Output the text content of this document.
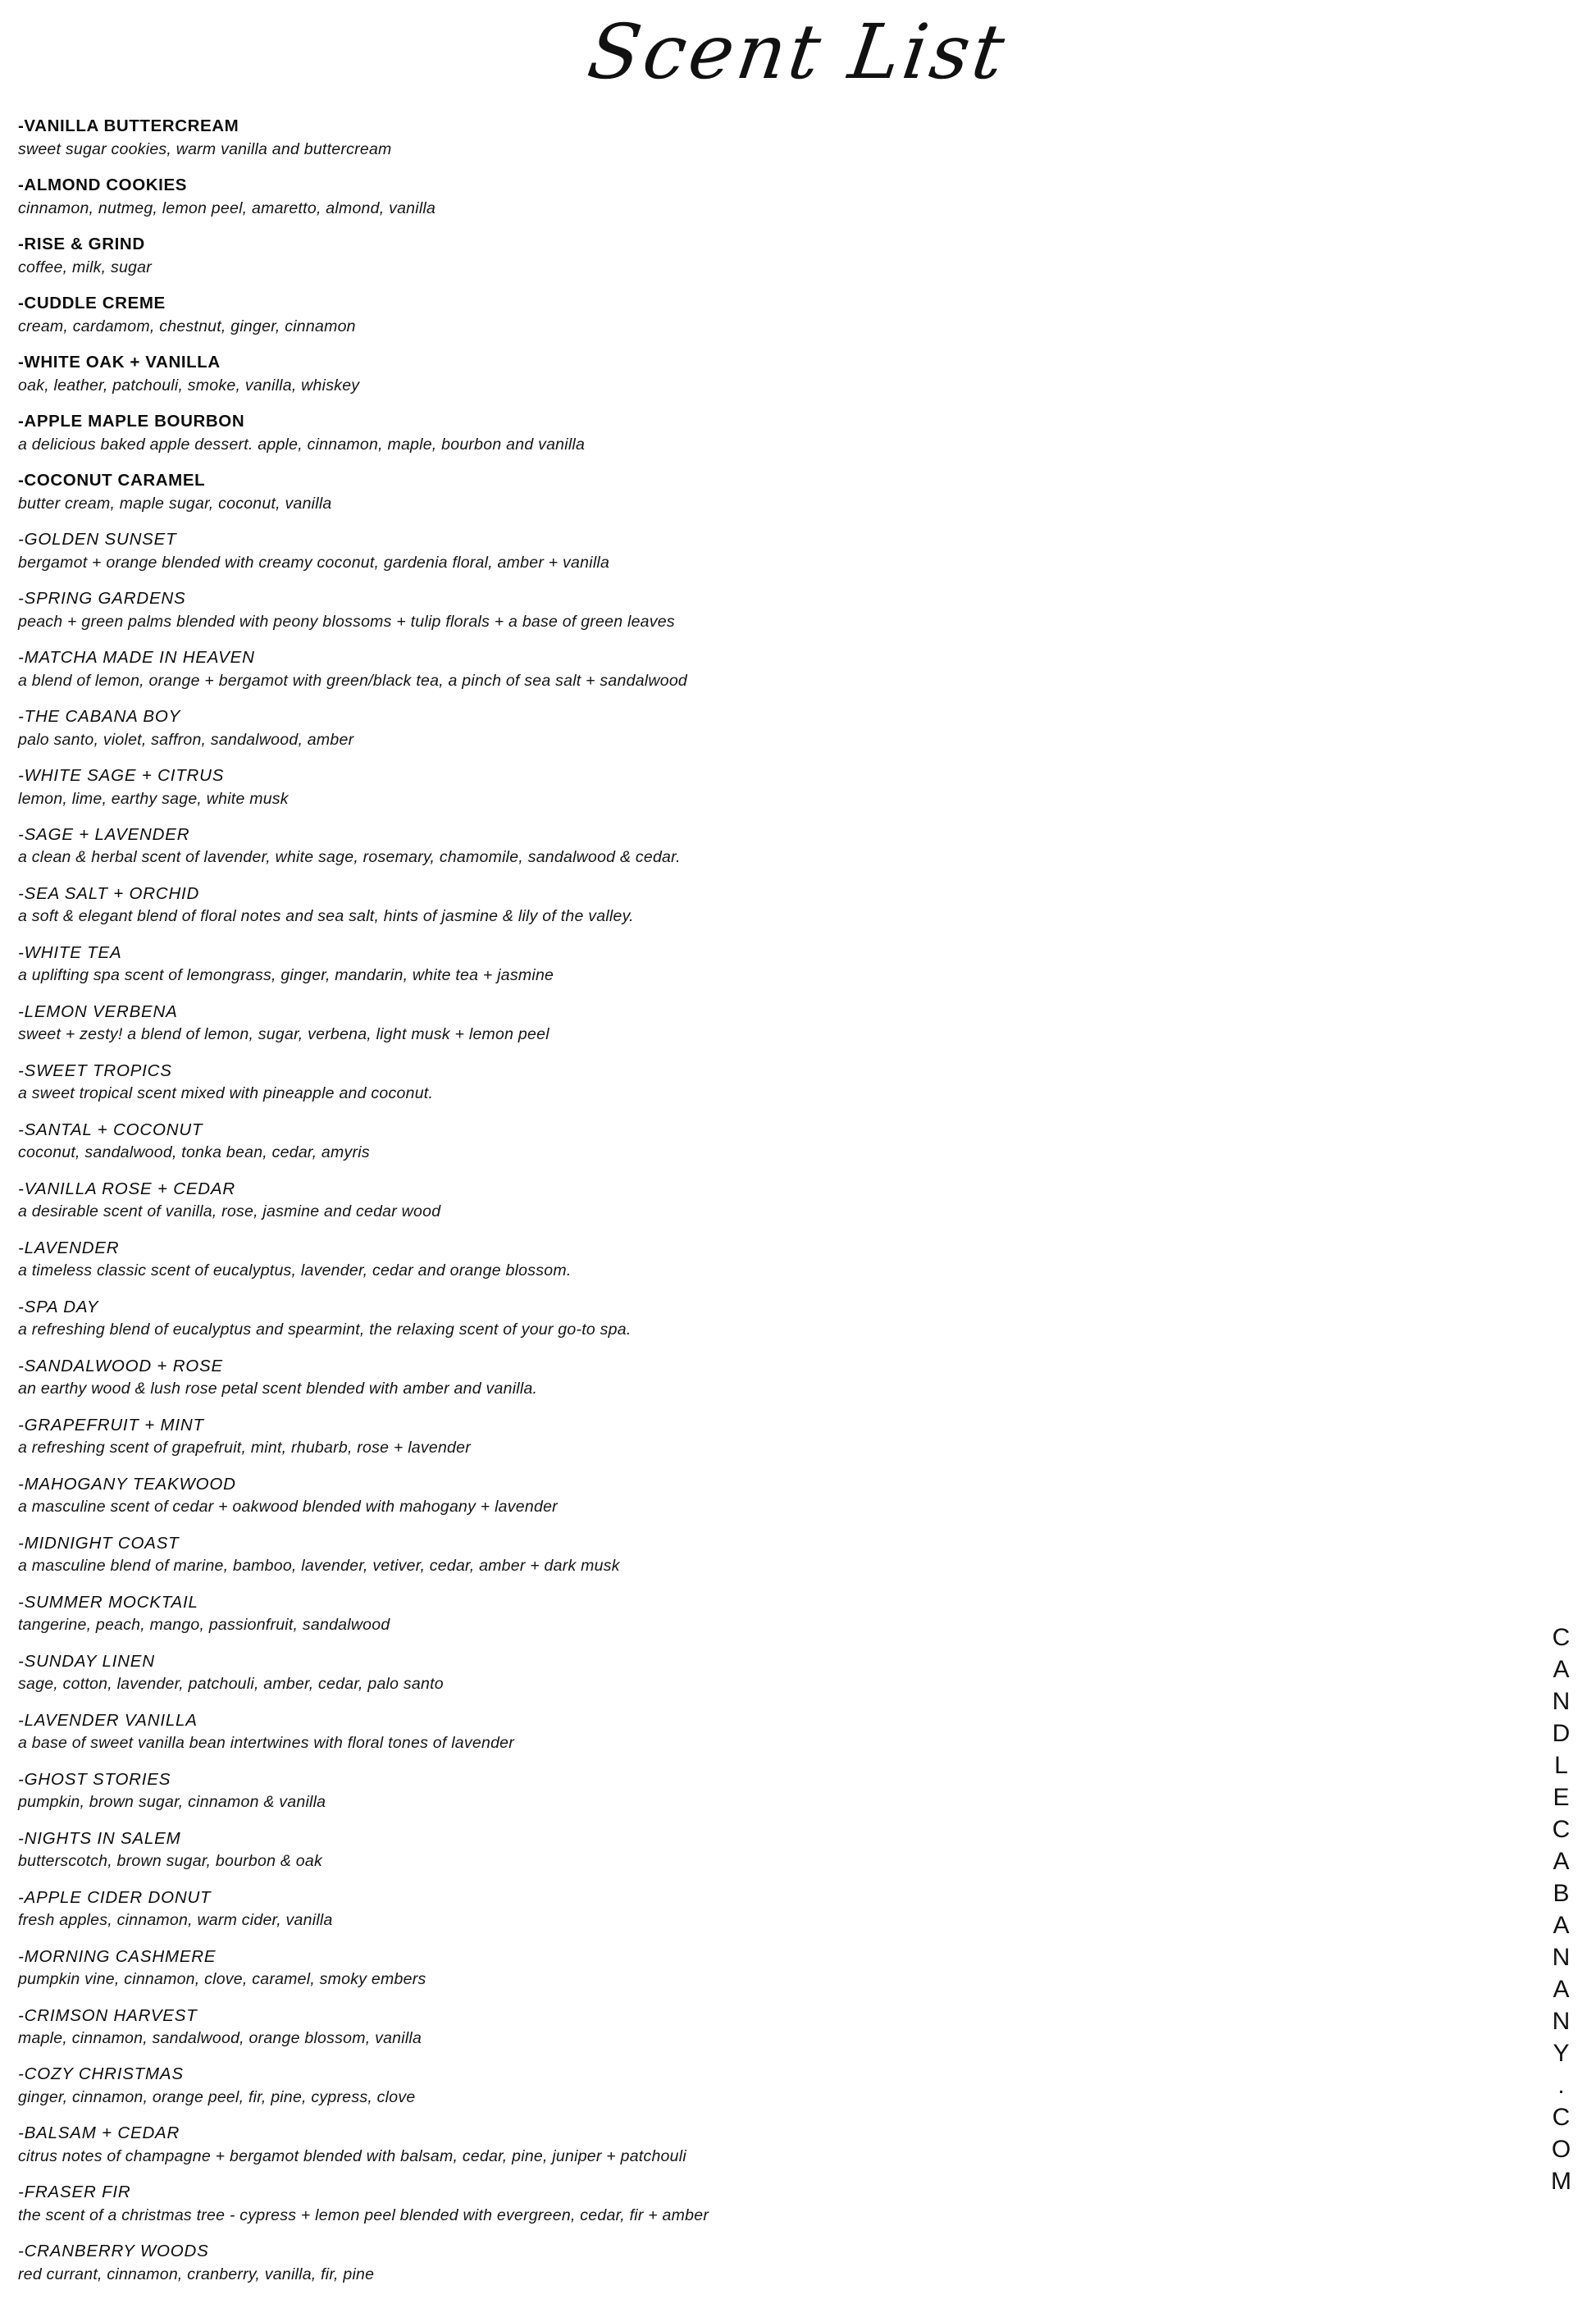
Scent List
-VANILLA BUTTERCREAM
sweet sugar cookies, warm vanilla and buttercream
-ALMOND COOKIES
cinnamon, nutmeg, lemon peel, amaretto, almond, vanilla
-RISE & GRIND
coffee, milk, sugar
-CUDDLE CREME
cream, cardamom, chestnut, ginger, cinnamon
-WHITE OAK + VANILLA
oak, leather, patchouli, smoke, vanilla, whiskey
-APPLE MAPLE BOURBON
a delicious baked apple dessert. apple, cinnamon, maple, bourbon and vanilla
-COCONUT CARAMEL
butter cream, maple sugar, coconut, vanilla
-GOLDEN SUNSET
bergamot + orange blended with creamy coconut, gardenia floral, amber + vanilla
-SPRING GARDENS
peach + green palms blended with peony blossoms + tulip florals + a base of green leaves
-MATCHA MADE IN HEAVEN
a blend of lemon, orange + bergamot with green/black tea, a pinch of sea salt + sandalwood
-THE CABANA BOY
palo santo, violet, saffron, sandalwood, amber
-WHITE SAGE + CITRUS
lemon, lime, earthy sage, white musk
-SAGE + LAVENDER
a clean & herbal scent of lavender, white sage, rosemary, chamomile, sandalwood & cedar.
-SEA SALT + ORCHID
a soft & elegant blend of floral notes and sea salt, hints of jasmine & lily of the valley.
-WHITE TEA
a uplifting spa scent of lemongrass, ginger, mandarin, white tea + jasmine
-LEMON VERBENA
sweet + zesty! a blend of lemon, sugar, verbena, light musk + lemon peel
-SWEET TROPICS
a sweet tropical scent mixed with pineapple and coconut.
-SANTAL + COCONUT
coconut, sandalwood, tonka bean, cedar, amyris
-VANILLA ROSE + CEDAR
a desirable scent of vanilla, rose, jasmine and cedar wood
-LAVENDER
a timeless classic scent of eucalyptus, lavender, cedar and orange blossom.
-SPA DAY
a refreshing blend of eucalyptus and spearmint, the relaxing scent of your go-to spa.
-SANDALWOOD + ROSE
an earthy wood & lush rose petal scent blended with amber and vanilla.
-GRAPEFRUIT + MINT
a refreshing scent of grapefruit, mint, rhubarb, rose + lavender
-MAHOGANY TEAKWOOD
a masculine scent of cedar + oakwood blended with mahogany + lavender
-MIDNIGHT COAST
a masculine blend of marine, bamboo, lavender, vetiver, cedar, amber + dark musk
-SUMMER MOCKTAIL
tangerine, peach, mango, passionfruit, sandalwood
-SUNDAY LINEN
sage, cotton, lavender, patchouli, amber, cedar, palo santo
-LAVENDER VANILLA
a base of sweet vanilla bean intertwines with floral tones of lavender
-GHOST STORIES
pumpkin, brown sugar, cinnamon & vanilla
-NIGHTS IN SALEM
butterscotch, brown sugar, bourbon & oak
-APPLE CIDER DONUT
fresh apples, cinnamon, warm cider, vanilla
-MORNING CASHMERE
pumpkin vine, cinnamon, clove, caramel, smoky embers
-CRIMSON HARVEST
maple, cinnamon, sandalwood, orange blossom, vanilla
-COZY CHRISTMAS
ginger, cinnamon, orange peel, fir, pine, cypress, clove
-BALSAM + CEDAR
citrus notes of champagne + bergamot blended with balsam, cedar, pine, juniper + patchouli
-FRASER FIR
the scent of a christmas tree - cypress + lemon peel blended with evergreen, cedar, fir + amber
-CRANBERRY WOODS
red currant, cinnamon, cranberry, vanilla, fir, pine
CANDLECABANANY.COM
